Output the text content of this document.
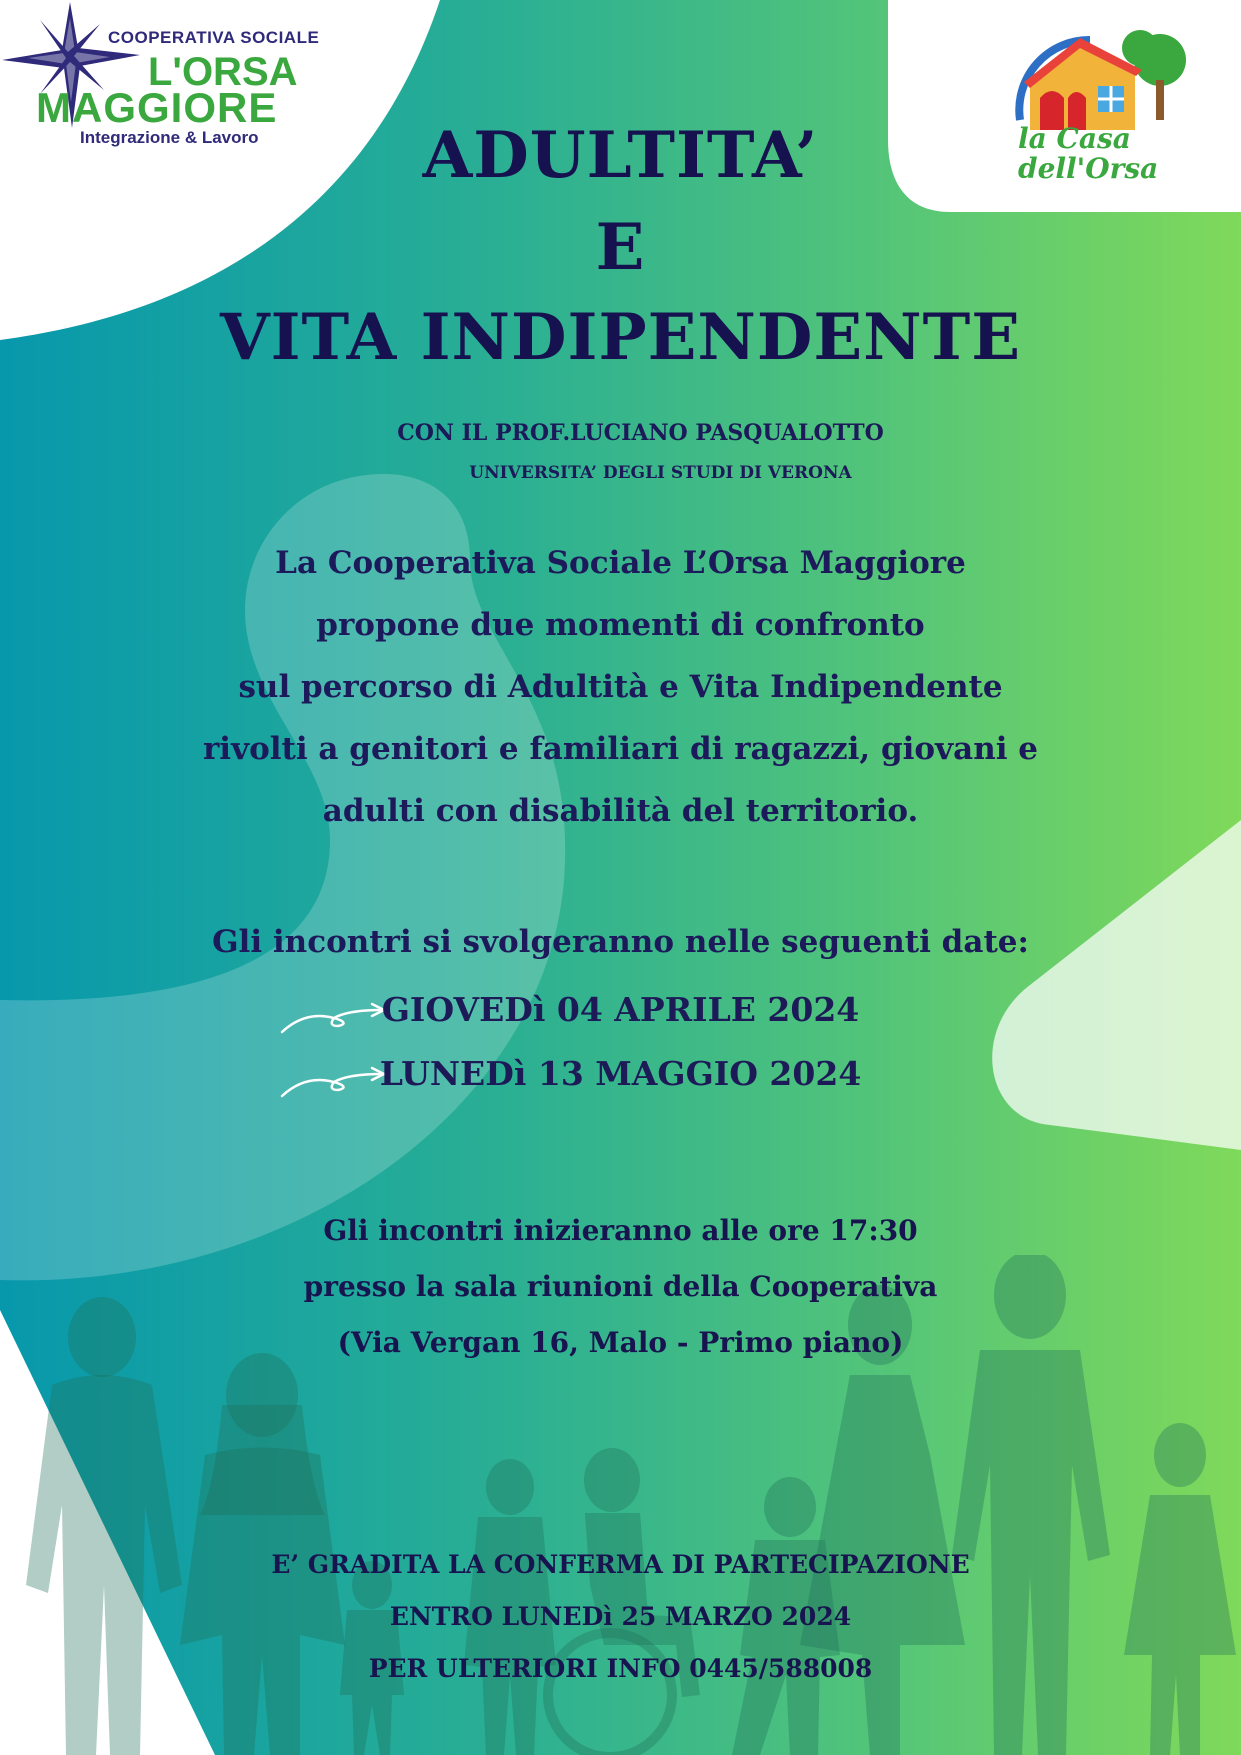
COOPERATIVA SOCIALE
L'ORSA
MAGGIORE
Integrazione & Lavoro	la Casa
dell'Orsa
ADULTITA’
E
VITA INDIPENDENTE
CON IL PROF.LUCIANO PASQUALOTTO
UNIVERSITA’ DEGLI STUDI DI VERONA
La Cooperativa Sociale L’Orsa Maggiore
propone due momenti di confronto
sul percorso di Adultità e Vita Indipendente
rivolti a genitori e familiari di ragazzi, giovani e
adulti con disabilità del territorio.
Gli incontri si svolgeranno nelle seguenti date:
GIOVEDì 04 APRILE 2024
LUNEDì 13 MAGGIO 2024
Gli incontri inizieranno alle ore 17:30
presso la sala riunioni della Cooperativa
(Via Vergan 16, Malo - Primo piano)
E’ GRADITA LA CONFERMA DI PARTECIPAZIONE
ENTRO LUNEDì 25 MARZO 2024
PER ULTERIORI INFO 0445/588008
